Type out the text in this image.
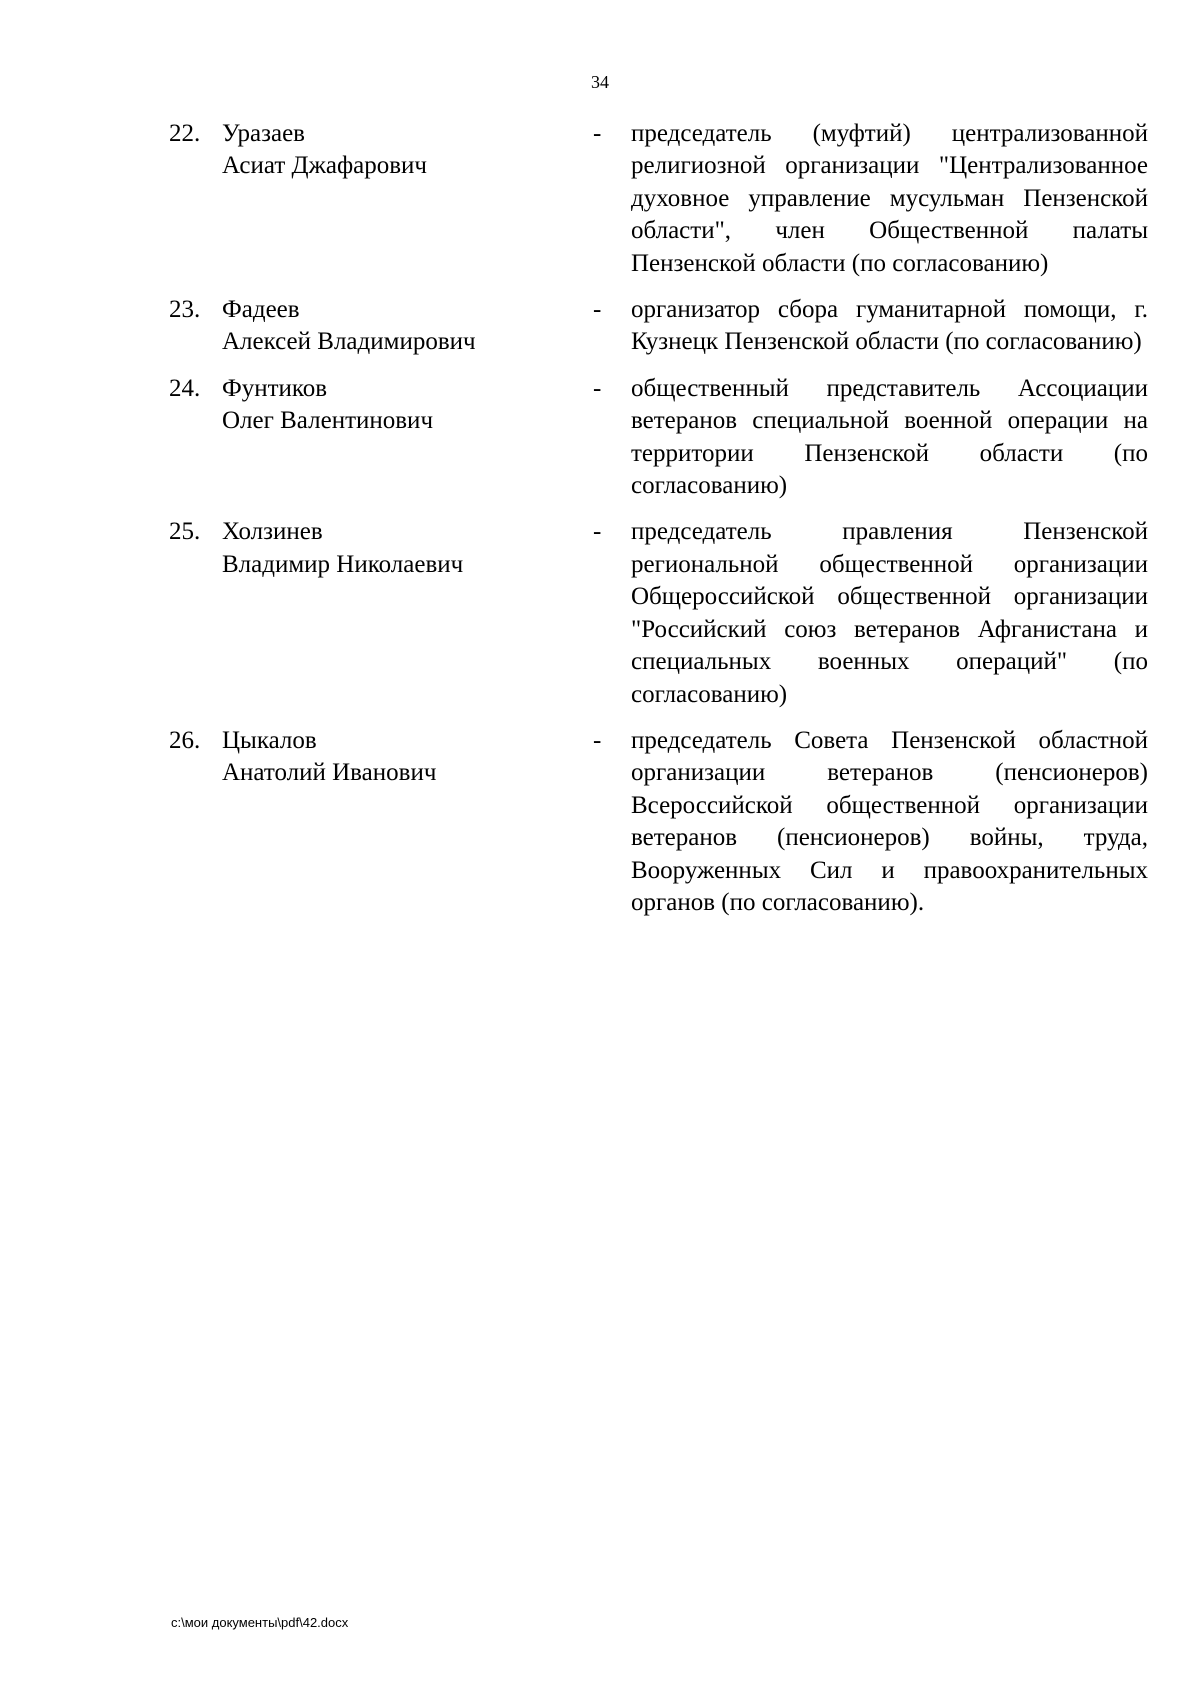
34
22. Уразаев
Асиат Джафарович
- председатель (муфтий) централизованной религиозной организации "Централизованное духовное управление мусульман Пензенской области", член Общественной палаты Пензенской области (по согласованию)
23. Фадеев
Алексей Владимирович
- организатор сбора гуманитарной помощи, г. Кузнецк Пензенской области (по согласованию)
24. Фунтиков
Олег Валентинович
- общественный представитель Ассоциации ветеранов специальной военной операции на территории Пензенской области (по согласованию)
25. Холзинев
Владимир Николаевич
- председатель правления Пензенской региональной общественной организации Общероссийской общественной организации "Российский союз ветеранов Афганистана и специальных военных операций" (по согласованию)
26. Цыкалов
Анатолий Иванович
- председатель Совета Пензенской областной организации ветеранов (пенсионеров) Всероссийской общественной организации ветеранов (пенсионеров) войны, труда, Вооруженных Сил и правоохранительных органов (по согласованию).
c:\мои документы\pdf\42.docx
